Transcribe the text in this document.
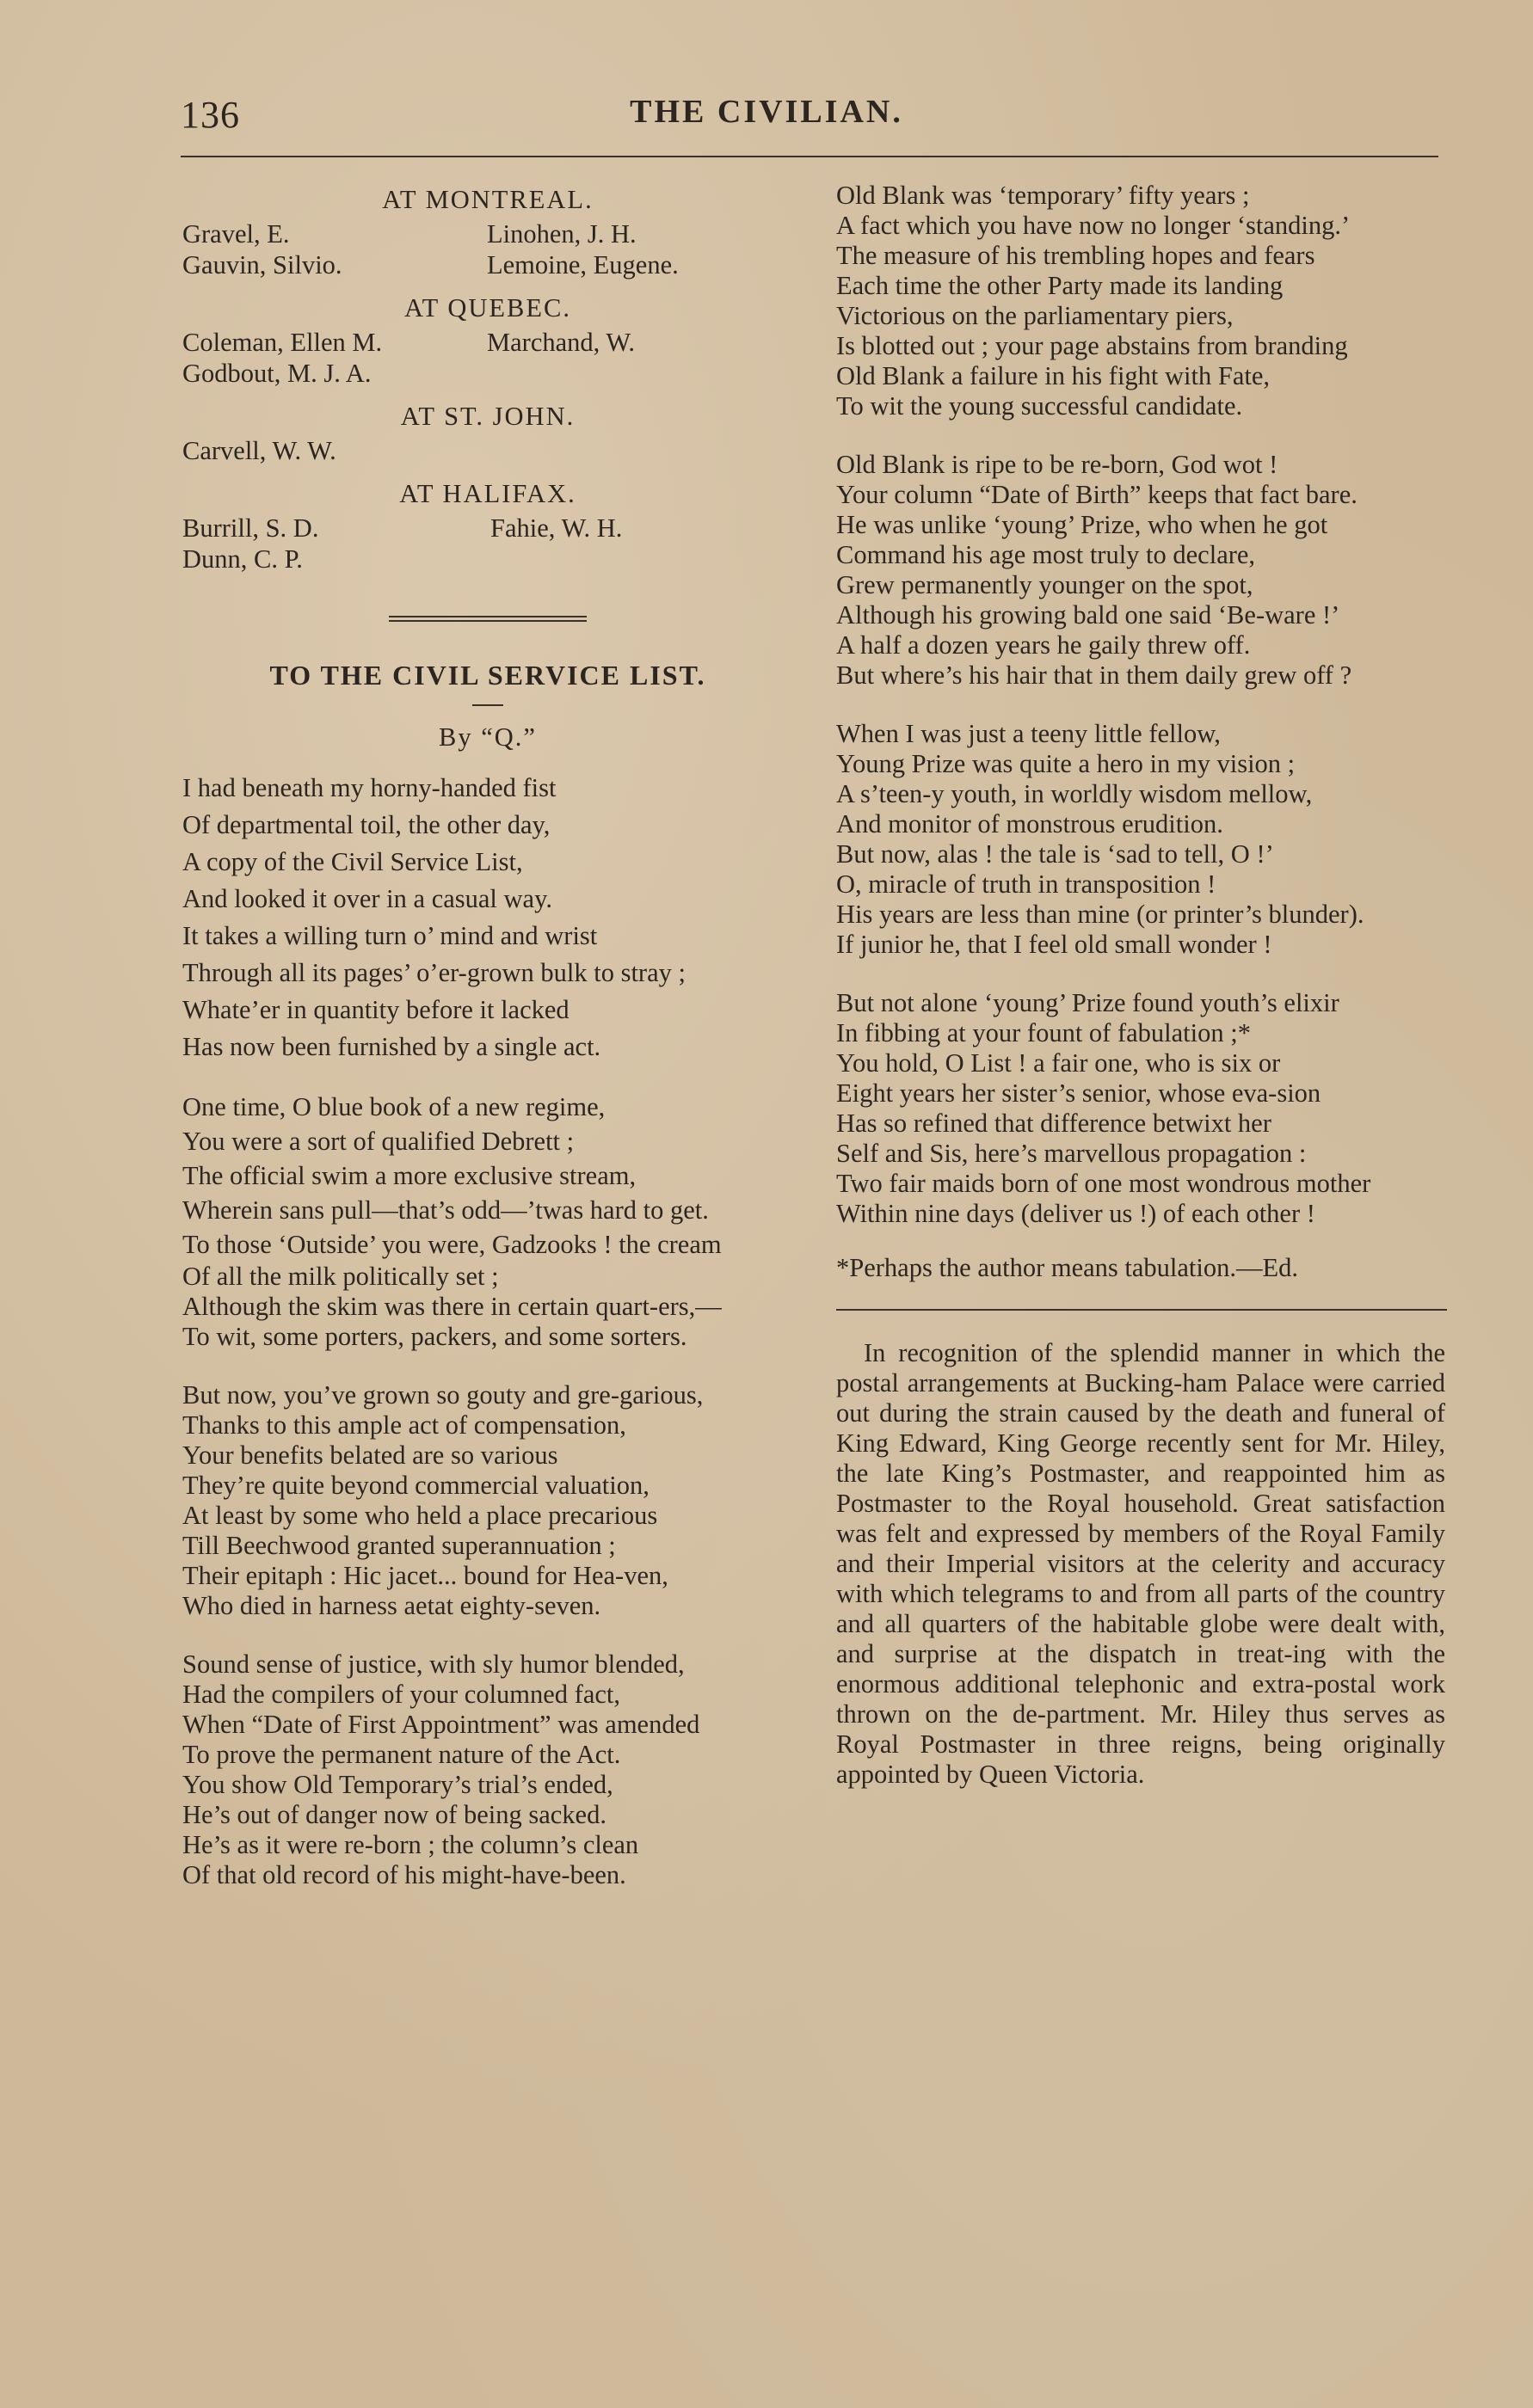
136	THE CIVILIAN.
AT MONTREAL.
Gravel, E.	Linohen, J. H.
Gauvin, Silvio.	Lemoine, Eugene.
AT QUEBEC.
Coleman, Ellen M.	Marchand, W.
Godbout, M. J. A.
AT ST. JOHN.
Carvell, W. W.
AT HALIFAX.
Burrill, S. D.	Fahie, W. H.
Dunn, C. P.
TO THE CIVIL SERVICE LIST.
By “Q.”
I had beneath my horny-handed fist
Of departmental toil, the other day,
A copy of the Civil Service List,
And looked it over in a casual way.
It takes a willing turn o’ mind and wrist
Through all its pages’ o’er-grown bulk to stray ;
Whate’er in quantity before it lacked
Has now been furnished by a single act.
One time, O blue book of a new regime,
You were a sort of qualified Debrett ;
The official swim a more exclusive stream,
Wherein sans pull—that’s odd—’twas hard to get.
To those ‘Outside’ you were, Gadzooks ! the cream
Of all the milk politically set ;
Although the skim was there in certain quart-ers,—
To wit, some porters, packers, and some sorters.
But now, you’ve grown so gouty and gre-garious,
Thanks to this ample act of compensation,
Your benefits belated are so various
They’re quite beyond commercial valuation,
At least by some who held a place precarious
Till Beechwood granted superannuation ;
Their epitaph : Hic jacet... bound for Hea-ven,
Who died in harness aetat eighty-seven.
Sound sense of justice, with sly humor blended,
Had the compilers of your columned fact,
When “Date of First Appointment” was amended
To prove the permanent nature of the Act.
You show Old Temporary’s trial’s ended,
He’s out of danger now of being sacked.
He’s as it were re-born ; the column’s clean
Of that old record of his might-have-been.
Old Blank was ‘temporary’ fifty years ;
A fact which you have now no longer ‘standing.’
The measure of his trembling hopes and fears
Each time the other Party made its landing
Victorious on the parliamentary piers,
Is blotted out ; your page abstains from branding
Old Blank a failure in his fight with Fate,
To wit the young successful candidate.
Old Blank is ripe to be re-born, God wot !
Your column “Date of Birth” keeps that fact bare.
He was unlike ‘young’ Prize, who when he got
Command his age most truly to declare,
Grew permanently younger on the spot,
Although his growing bald one said ‘Be-ware !’
A half a dozen years he gaily threw off.
But where’s his hair that in them daily grew off ?
When I was just a teeny little fellow,
Young Prize was quite a hero in my vision ;
A s’teen-y youth, in worldly wisdom mellow,
And monitor of monstrous erudition.
But now, alas ! the tale is ‘sad to tell, O !’
O, miracle of truth in transposition !
His years are less than mine (or printer’s blunder).
If junior he, that I feel old small wonder !
But not alone ‘young’ Prize found youth’s elixir
In fibbing at your fount of fabulation ;*
You hold, O List ! a fair one, who is six or
Eight years her sister’s senior, whose eva-sion
Has so refined that difference betwixt her
Self and Sis, here’s marvellous propagation :
Two fair maids born of one most wondrous mother
Within nine days (deliver us !) of each other !
*Perhaps the author means tabulation.—Ed.

In recognition of the splendid manner in which the postal arrangements at Bucking-ham Palace were carried out during the strain caused by the death and funeral of King Edward, King George recently sent for Mr. Hiley, the late King’s Postmaster, and reappointed him as Postmaster to the Royal household. Great satisfaction was felt and expressed by members of the Royal Family and their Imperial visitors at the celerity and accuracy with which telegrams to and from all parts of the country and all quarters of the habitable globe were dealt with, and surprise at the dispatch in treat-ing with the enormous additional telephonic and extra-postal work thrown on the de-partment. Mr. Hiley thus serves as Royal Postmaster in three reigns, being originally appointed by Queen Victoria.
